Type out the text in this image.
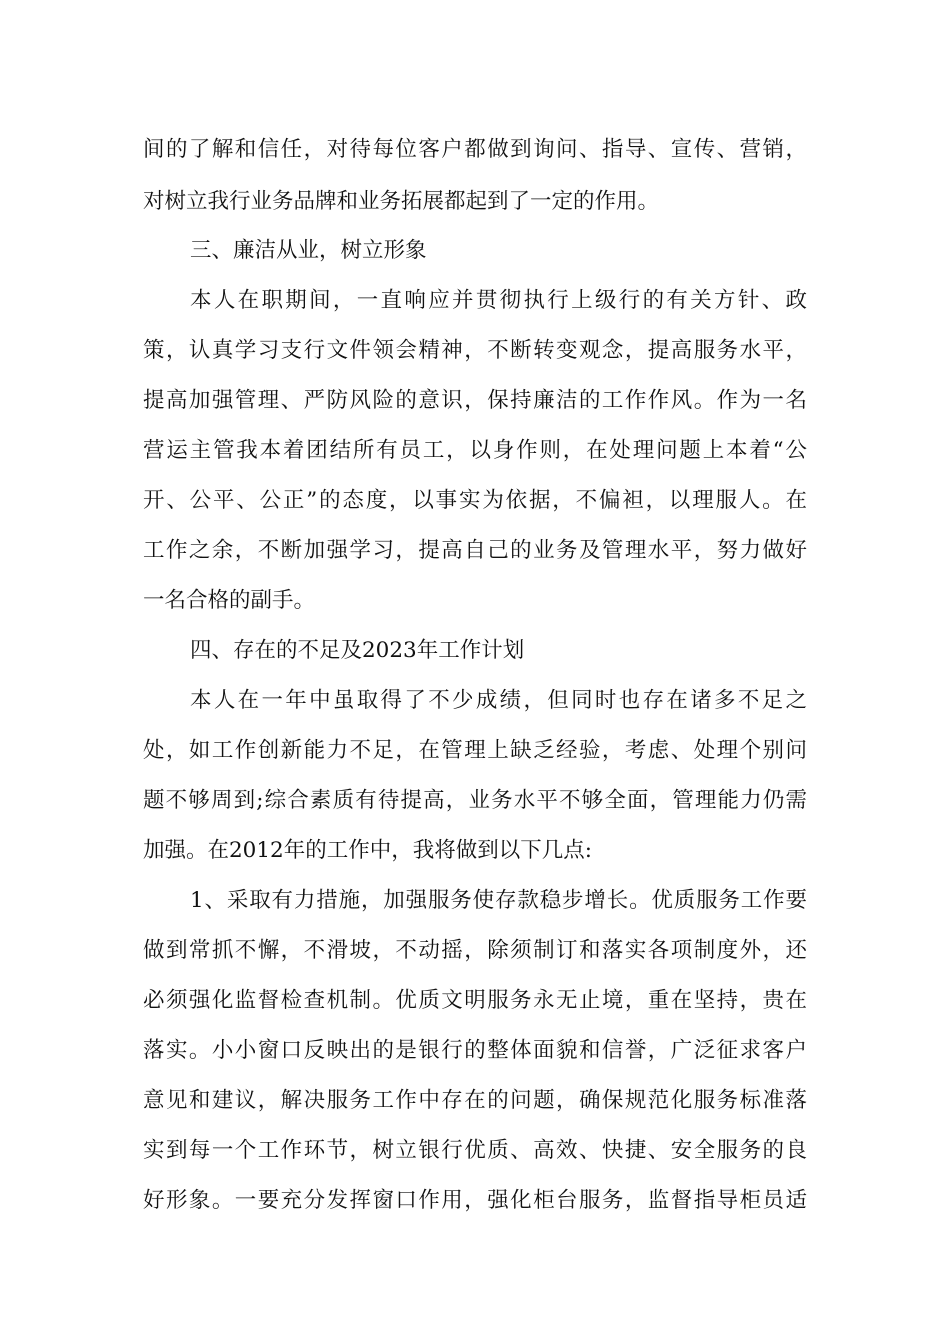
间的了解和信任，对待每位客户都做到询问、指导、宣传、营销，
对树立我行业务品牌和业务拓展都起到了一定的作用。
三、廉洁从业，树立形象
本人在职期间，一直响应并贯彻执行上级行的有关方针、政
策，认真学习支行文件领会精神，不断转变观念，提高服务水平，
提高加强管理、严防风险的意识，保持廉洁的工作作风。作为一名
营运主管我本着团结所有员工，以身作则，在处理问题上本着“公
开、公平、公正”的态度，以事实为依据，不偏袒，以理服人。在
工作之余，不断加强学习，提高自己的业务及管理水平，努力做好
一名合格的副手。
四、存在的不足及2023年工作计划
本人在一年中虽取得了不少成绩，但同时也存在诸多不足之
处，如工作创新能力不足，在管理上缺乏经验，考虑、处理个别问
题不够周到;综合素质有待提高，业务水平不够全面，管理能力仍需
加强。在2012年的工作中，我将做到以下几点:
1、采取有力措施，加强服务使存款稳步增长。优质服务工作要
做到常抓不懈，不滑坡，不动摇，除须制订和落实各项制度外，还
必须强化监督检查机制。优质文明服务永无止境，重在坚持，贵在
落实。小小窗口反映出的是银行的整体面貌和信誉，广泛征求客户
意见和建议，解决服务工作中存在的问题，确保规范化服务标准落
实到每一个工作环节，树立银行优质、高效、快捷、安全服务的良
好形象。一要充分发挥窗口作用，强化柜台服务，监督指导柜员适
